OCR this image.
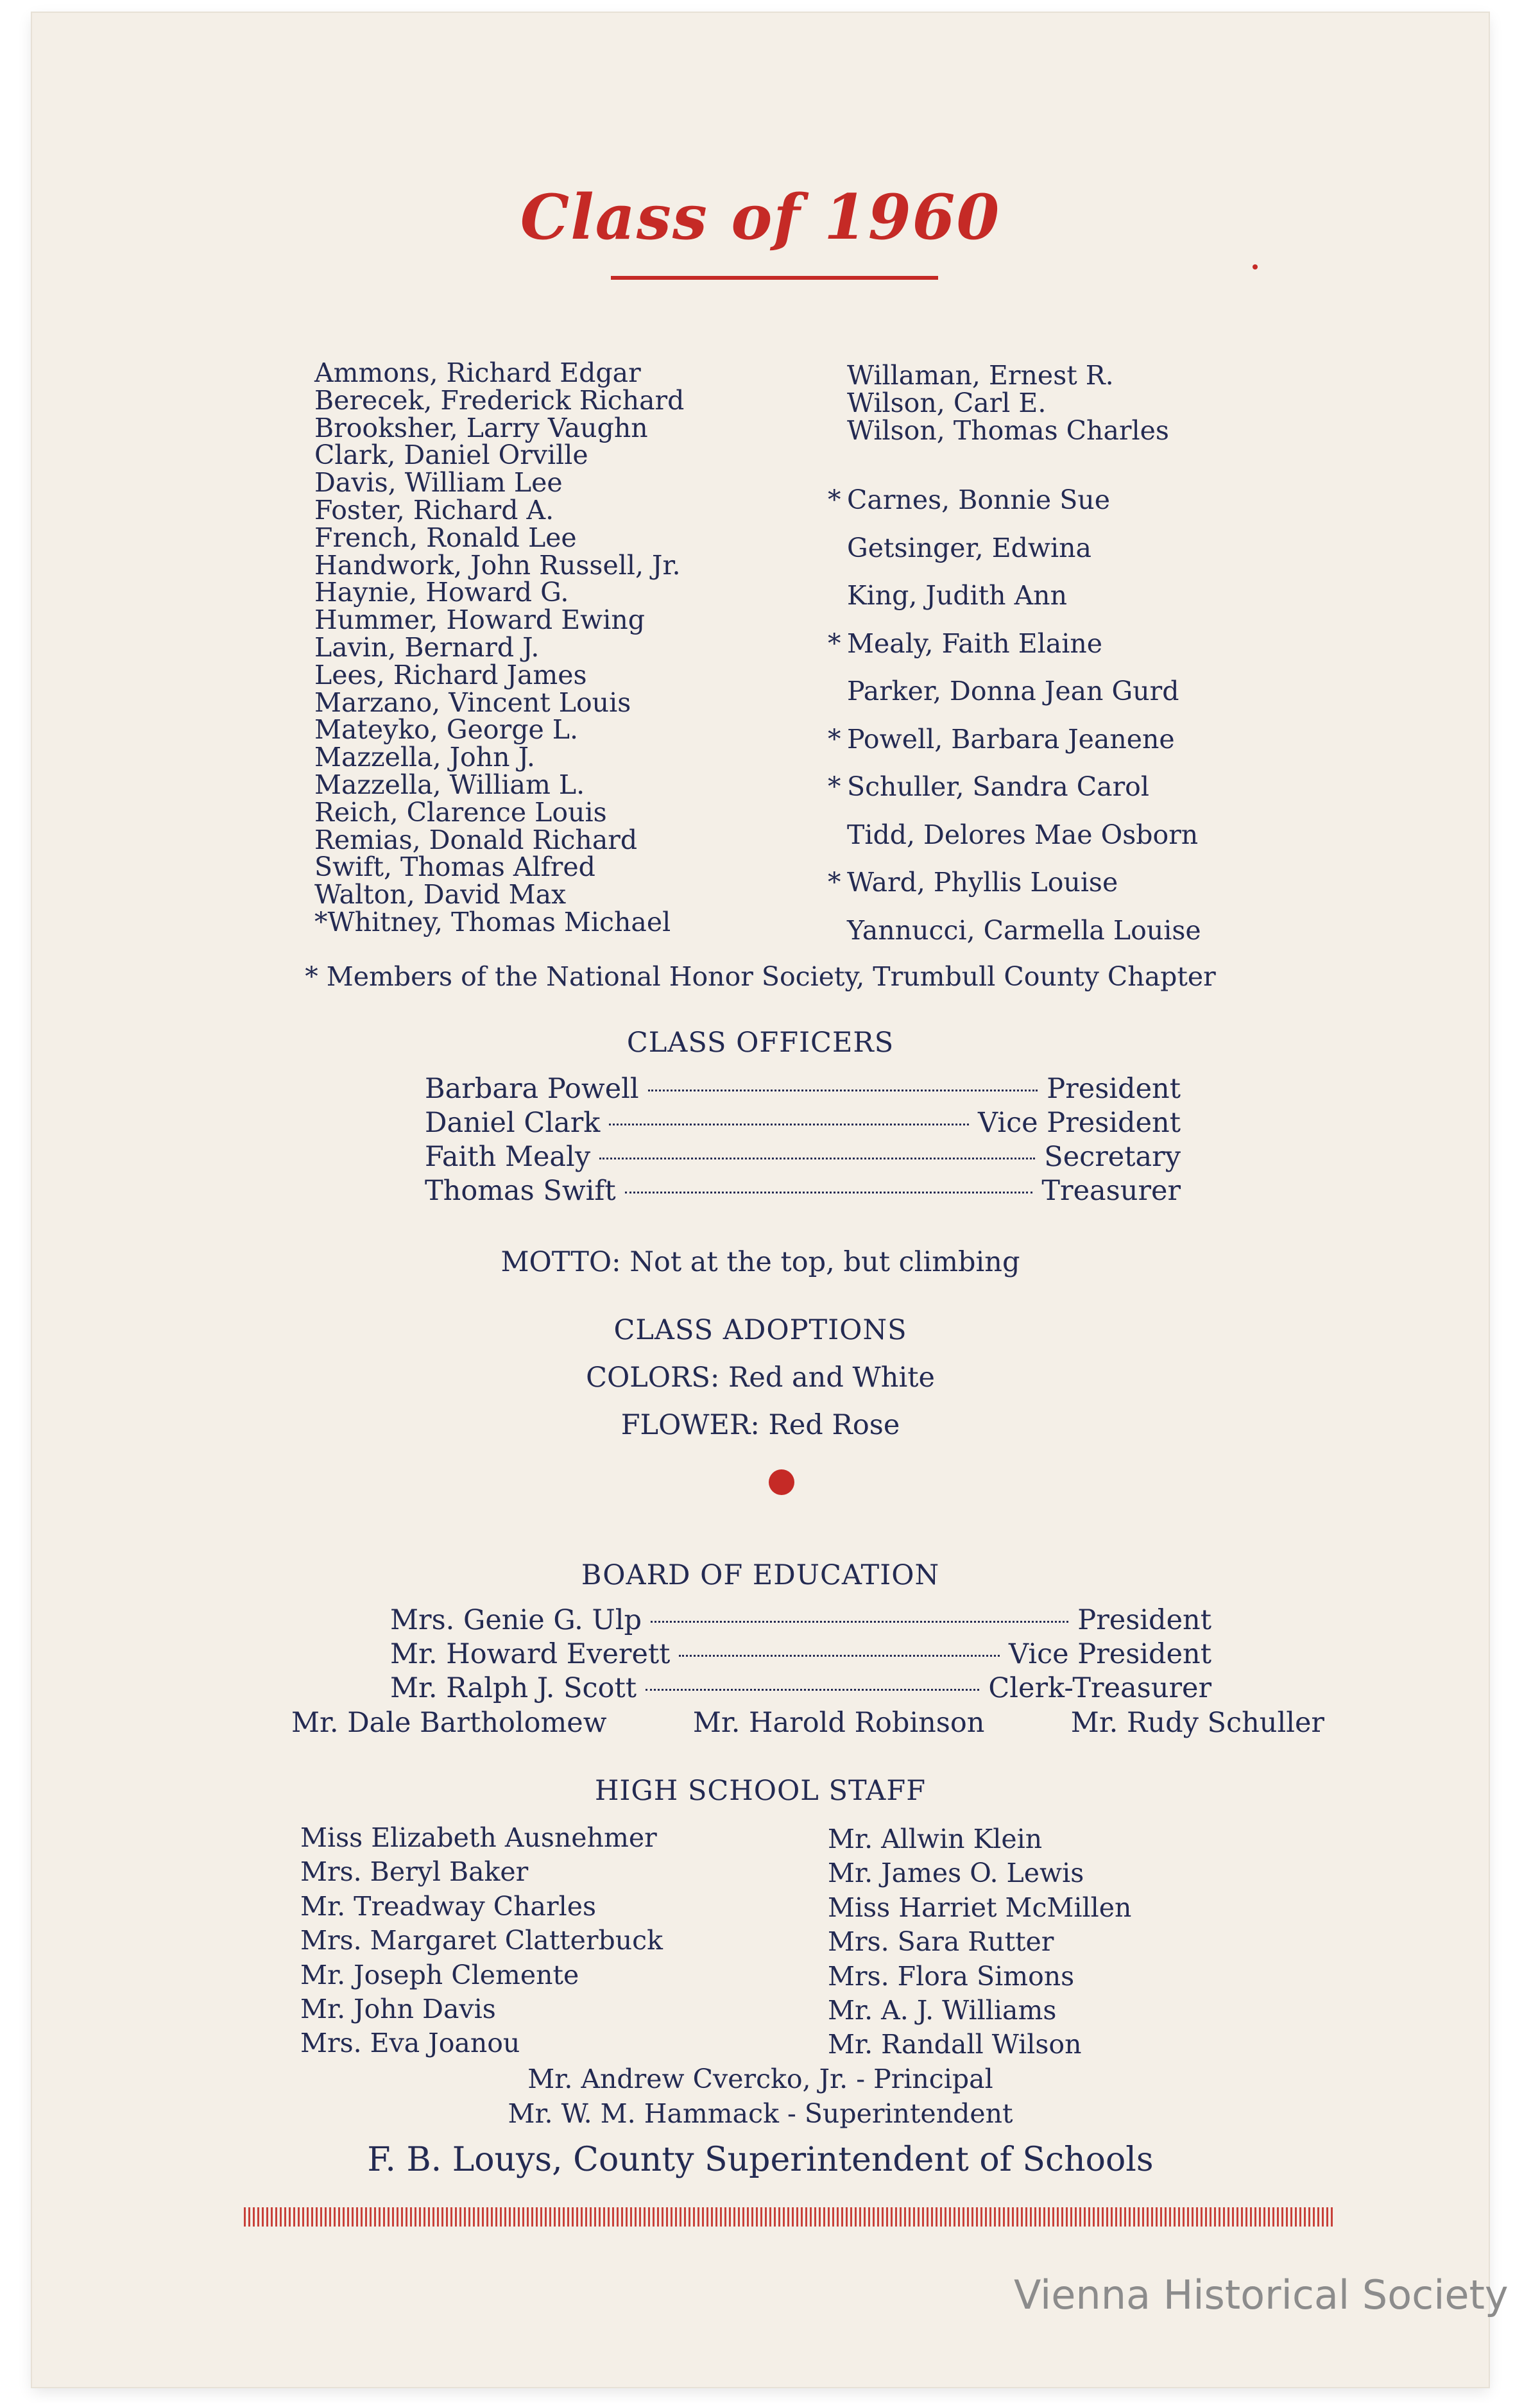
Class of 1960
Ammons, Richard Edgar
Berecek, Frederick Richard
Brooksher, Larry Vaughn
Clark, Daniel Orville
Davis, William Lee
Foster, Richard A.
French, Ronald Lee
Handwork, John Russell, Jr.
Haynie, Howard G.
Hummer, Howard Ewing
Lavin, Bernard J.
Lees, Richard James
Marzano, Vincent Louis
Mateyko, George L.
Mazzella, John J.
Mazzella, William L.
Reich, Clarence Louis
Remias, Donald Richard
Swift, Thomas Alfred
Walton, David Max
*Whitney, Thomas Michael
Willaman, Ernest R.
Wilson, Carl E.
Wilson, Thomas Charles
* Carnes, Bonnie Sue
Getsinger, Edwina
King, Judith Ann
* Mealy, Faith Elaine
Parker, Donna Jean Gurd
* Powell, Barbara Jeanene
* Schuller, Sandra Carol
Tidd, Delores Mae Osborn
* Ward, Phyllis Louise
Yannucci, Carmella Louise
* Members of the National Honor Society, Trumbull County Chapter
CLASS OFFICERS
Barbara Powell	President
Daniel Clark	Vice President
Faith Mealy	Secretary
Thomas Swift	Treasurer
MOTTO: Not at the top, but climbing
CLASS ADOPTIONS
COLORS: Red and White
FLOWER: Red Rose
BOARD OF EDUCATION
Mrs. Genie G. Ulp	President
Mr. Howard Everett	Vice President
Mr. Ralph J. Scott	Clerk-Treasurer
Mr. Dale Bartholomew	Mr. Harold Robinson	Mr. Rudy Schuller
HIGH SCHOOL STAFF
Miss Elizabeth Ausnehmer
Mrs. Beryl Baker
Mr. Treadway Charles
Mrs. Margaret Clatterbuck
Mr. Joseph Clemente
Mr. John Davis
Mrs. Eva Joanou
Mr. Allwin Klein
Mr. James O. Lewis
Miss Harriet McMillen
Mrs. Sara Rutter
Mrs. Flora Simons
Mr. A. J. Williams
Mr. Randall Wilson
Mr. Andrew Cvercko, Jr. - Principal
Mr. W. M. Hammack - Superintendent
F. B. Louys, County Superintendent of Schools
Vienna Historical Society
